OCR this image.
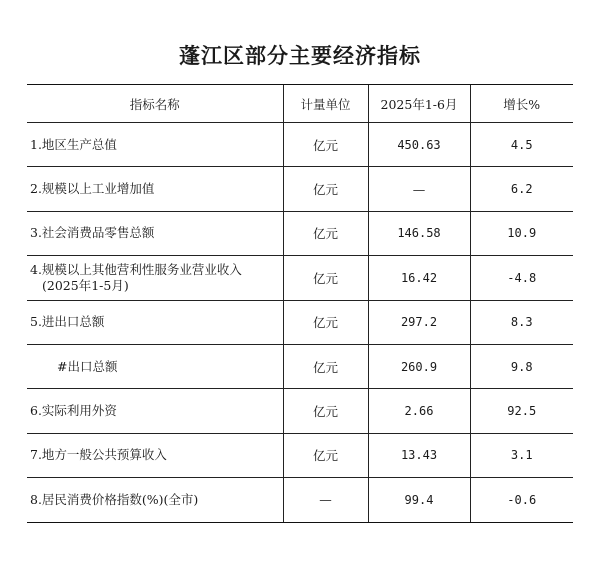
蓬江区部分主要经济指标
指标名称	计量单位	2025年1-6月	增长%
1.地区生产总值	亿元	450.63	4.5
2.规模以上工业增加值	亿元	—	6.2
3.社会消费品零售总额	亿元	146.58	10.9
4.规模以上其他营利性服务业营业收入
(2025年1-5月)	亿元	16.42	-4.8
5.进出口总额	亿元	297.2	8.3
#出口总额	亿元	260.9	9.8
6.实际利用外资	亿元	2.66	92.5
7.地方一般公共预算收入	亿元	13.43	3.1
8.居民消费价格指数(%)(全市)	—	99.4	-0.6
